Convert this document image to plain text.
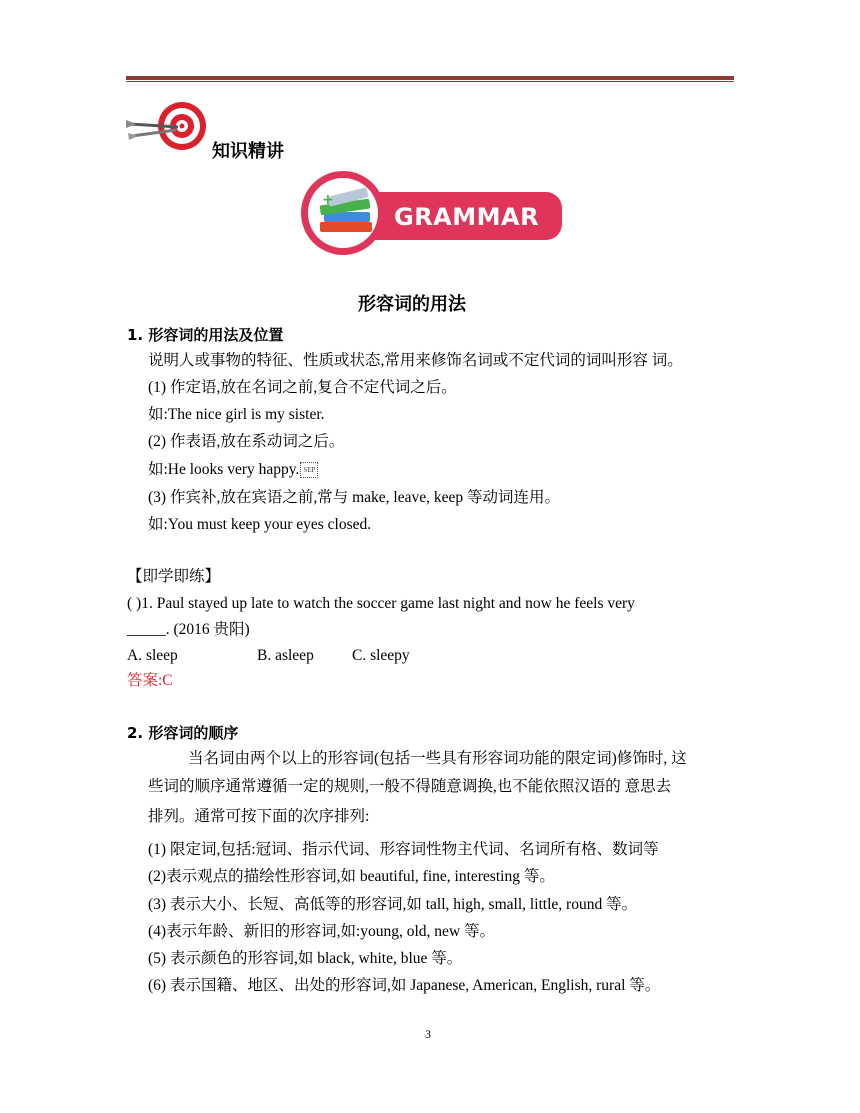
知识精讲
+
GRAMMAR
形容词的用法
1. 形容词的用法及位置
说明人或事物的特征、性质或状态,常用来修饰名词或不定代词的词叫形容 词。
(1) 作定语,放在名词之前,复合不定代词之后。
如:The nice girl is my sister.
(2) 作表语,放在系动词之后。
如:He looks very happy. SEP
(3) 作宾补,放在宾语之前,常与 make, leave, keep 等动词连用。
如:You must keep your eyes closed.
【即学即练】
( )1. Paul stayed up late to watch the soccer game last night and now he feels very
_____. (2016 贵阳)
A. sleep	B. asleep C. sleepy
答案:C
2. 形容词的顺序
当名词由两个以上的形容词(包括一些具有形容词功能的限定词)修饰时, 这
些词的顺序通常遵循一定的规则,一般不得随意调换,也不能依照汉语的 意思去
排列。通常可按下面的次序排列:
(1) 限定词,包括:冠词、指示代词、形容词性物主代词、名词所有格、数词等
(2)表示观点的描绘性形容词,如 beautiful, fine, interesting 等。
(3) 表示大小、长短、高低等的形容词,如 tall, high, small, little, round 等。
(4)表示年龄、新旧的形容词,如:young, old, new 等。
(5) 表示颜色的形容词,如 black, white, blue 等。
(6) 表示国籍、地区、出处的形容词,如 Japanese, American, English, rural 等。
3
